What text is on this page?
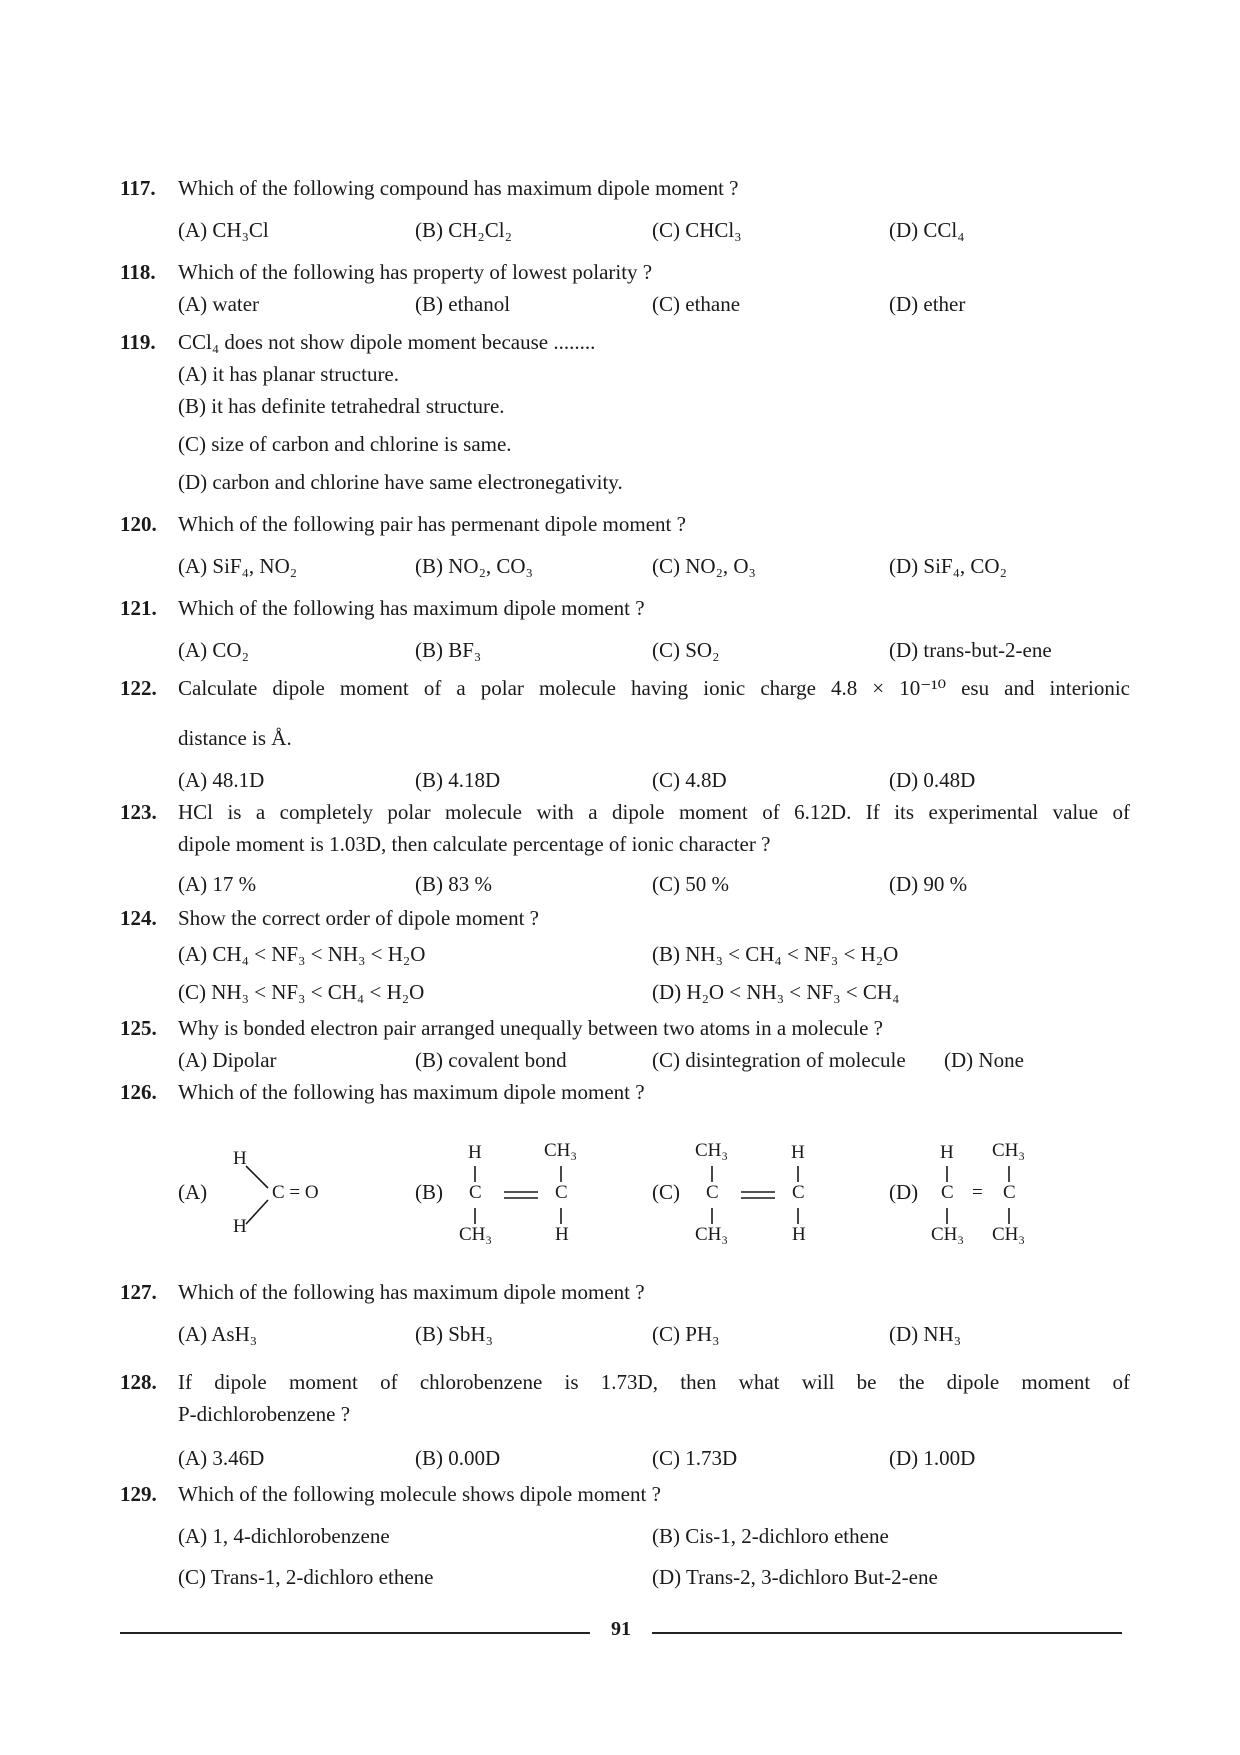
117.	Which of the following compound has maximum dipole moment ?
(A) CH₃Cl	(B) CH₂Cl₂	(C) CHCl₃	(D) CCl₄
118.	Which of the following has property of lowest polarity ?
(A) water	(B) ethanol	(C) ethane	(D) ether
119.	CCl₄ does not show dipole moment because ........
(A) it has planar structure.
(B) it has definite tetrahedral structure.
(C) size of carbon and chlorine is same.
(D) carbon and chlorine have same electronegativity.
120.	Which of the following pair has permenant dipole moment ?
(A) SiF₄, NO₂	(B) NO₂, CO₃	(C) NO₂, O₃	(D) SiF₄, CO₂
121.	Which of the following has maximum dipole moment ?
(A) CO₂	(B) BF₃	(C) SO₂	(D) trans-but-2-ene
122.	Calculate dipole moment of a polar molecule having ionic charge 4.8 × 10⁻¹⁰ esu and interionic
distance is Å.
(A) 48.1D	(B) 4.18D	(C) 4.8D	(D) 0.48D
123.	HCl is a completely polar molecule with a dipole moment of 6.12D. If its experimental value of
dipole moment is 1.03D, then calculate percentage of ionic character ?
(A) 17 %	(B) 83 %	(C) 50 %	(D) 90 %
124.	Show the correct order of dipole moment ?
(A) CH₄ < NF₃ < NH₃ < H₂O	(B) NH₃ < CH₄ < NF₃ < H₂O
(C) NH₃ < NF₃ < CH₄ < H₂O	(D) H₂O < NH₃ < NF₃ < CH₄
125.	Why is bonded electron pair arranged unequally between two atoms in a molecule ?
(A) Dipolar	(B) covalent bond	(C) disintegration of molecule	(D) None
126.	Which of the following has maximum dipole moment ?
(A)	(B)	(C)	(D)
H
H
C = O
H	CH₃
C	C
CH₃	H
CH₃	H
C	C
CH₃	H
H CH₃
C = C
CH₃ CH₃
127.	Which of the following has maximum dipole moment ?
(A) AsH₃	(B) SbH₃	(C) PH₃	(D) NH₃
128.	If dipole moment of chlorobenzene is 1.73D, then what will be the dipole moment of
P-dichlorobenzene ?
(A) 3.46D	(B) 0.00D	(C) 1.73D	(D) 1.00D
129.	Which of the following molecule shows dipole moment ?
(A) 1, 4-dichlorobenzene	(B) Cis-1, 2-dichloro ethene
(C) Trans-1, 2-dichloro ethene	(D) Trans-2, 3-dichloro But-2-ene
91
